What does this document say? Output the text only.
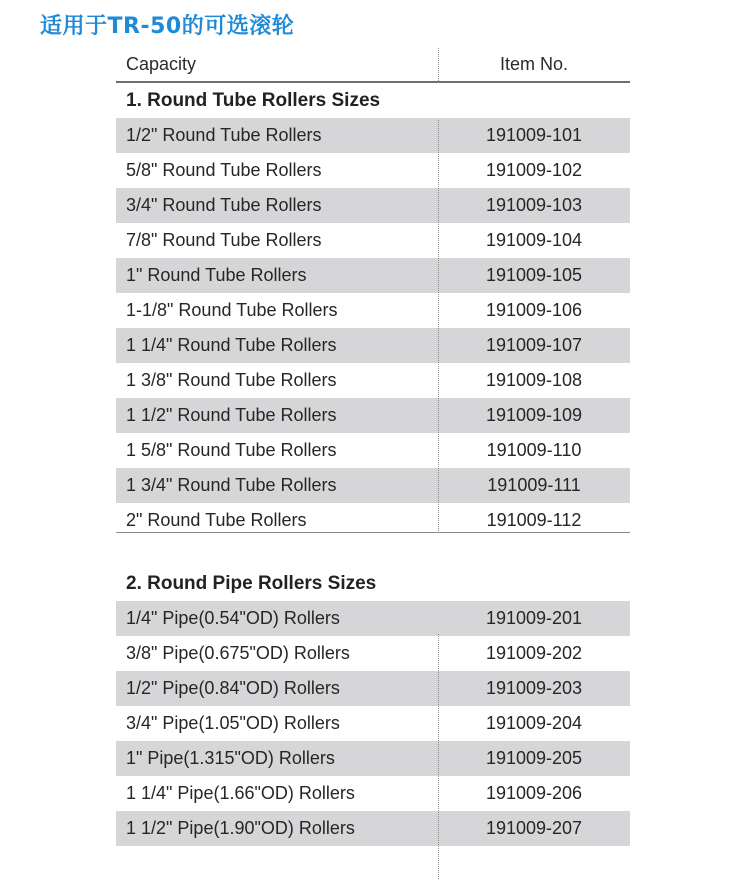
适用于TR-50的可选滚轮
Capacity	Item No.
1. Round Tube Rollers Sizes
1/2" Round Tube Rollers	191009-101
5/8" Round Tube Rollers	191009-102
3/4" Round Tube Rollers	191009-103
7/8" Round Tube Rollers	191009-104
1" Round Tube Rollers	191009-105
1-1/8" Round Tube Rollers	191009-106
1 1/4" Round Tube Rollers	191009-107
1 3/8" Round Tube Rollers	191009-108
1 1/2" Round Tube Rollers	191009-109
1 5/8" Round Tube Rollers	191009-110
1 3/4" Round Tube Rollers	191009-111
2" Round Tube Rollers	191009-112
2. Round Pipe Rollers Sizes
1/4" Pipe(0.54"OD) Rollers	191009-201
3/8" Pipe(0.675"OD) Rollers	191009-202
1/2" Pipe(0.84"OD) Rollers	191009-203
3/4" Pipe(1.05"OD) Rollers	191009-204
1" Pipe(1.315"OD) Rollers	191009-205
1 1/4" Pipe(1.66"OD) Rollers	191009-206
1 1/2" Pipe(1.90"OD) Rollers	191009-207
